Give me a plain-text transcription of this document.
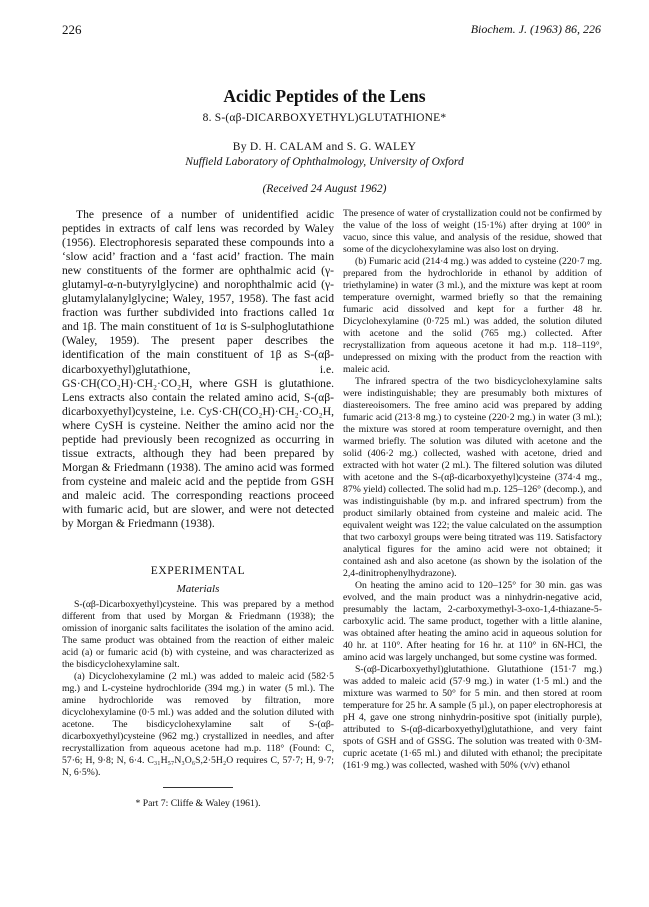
226	Biochem. J. (1963) 86, 226
Acidic Peptides of the Lens
8. S-(αβ-DICARBOXYETHYL)GLUTATHIONE*
By D. H. CALAM and S. G. WALEY
Nuffield Laboratory of Ophthalmology, University of Oxford
(Received 24 August 1962)

The presence of a number of unidentified acidic peptides in extracts of calf lens was recorded by Waley (1956). Electrophoresis separated these compounds into a ‘slow acid’ fraction and a ‘fast acid’ fraction. The main new constituents of the former are ophthalmic acid (γ-glutamyl-α-n-butyrylglycine) and norophthalmic acid (γ-glutamylalanylglycine; Waley, 1957, 1958). The fast acid fraction was further subdivided into fractions called 1α and 1β. The main constituent of 1α is S-sulphoglutathione (Waley, 1959). The present paper describes the identification of the main constituent of 1β as S-(αβ-dicarboxyethyl)glutathione, i.e. GS·CH(CO₂H)·CH₂·CO₂H, where GSH is glutathione. Lens extracts also contain the related amino acid, S-(αβ-dicarboxyethyl)cysteine, i.e. CyS·CH(CO₂H)·CH₂·CO₂H, where CySH is cysteine. Neither the amino acid nor the peptide had previously been recognized as occurring in tissue extracts, although they had been prepared by Morgan & Friedmann (1938). The amino acid was formed from cysteine and maleic acid and the peptide from GSH and maleic acid. The corresponding reactions proceed with fumaric acid, but are slower, and were not detected by Morgan & Friedmann (1938).

EXPERIMENTAL
Materials

S-(αβ-Dicarboxyethyl)cysteine. This was prepared by a method different from that used by Morgan & Friedmann (1938); the omission of inorganic salts facilitates the isolation of the amino acid. The same product was obtained from the reaction of either maleic acid (a) or fumaric acid (b) with cysteine, and was characterized as the bisdicyclohexylamine salt.

(a) Dicyclohexylamine (2 ml.) was added to maleic acid (582·5 mg.) and L-cysteine hydrochloride (394 mg.) in water (5 ml.). The amine hydrochloride was removed by filtration, more dicyclohexylamine (0·5 ml.) was added and the solution diluted with acetone. The bisdicyclohexylamine salt of S-(αβ-dicarboxyethyl)cysteine (962 mg.) crystallized in needles, and after recrystallization from aqueous acetone had m.p. 118° (Found: C, 57·6; H, 9·8; N, 6·4. C₃₁H₅₇N₃O₆S,2·5H₂O requires C, 57·7; H, 9·7; N, 6·5%).

* Part 7: Cliffe & Waley (1961).

The presence of water of crystallization could not be confirmed by the value of the loss of weight (15·1%) after drying at 100° in vacuo, since this value, and analysis of the residue, showed that some of the dicyclohexylamine was also lost on drying.

(b) Fumaric acid (214·4 mg.) was added to cysteine (220·7 mg. prepared from the hydrochloride in ethanol by addition of triethylamine) in water (3 ml.), and the mixture was kept at room temperature overnight, warmed briefly so that the remaining fumaric acid dissolved and kept for a further 48 hr. Dicyclohexylamine (0·725 ml.) was added, the solution diluted with acetone and the solid (765 mg.) collected. After recrystallization from aqueous acetone it had m.p. 118–119°, undepressed on mixing with the product from the reaction with maleic acid.

The infrared spectra of the two bisdicyclohexylamine salts were indistinguishable; they are presumably both mixtures of diastereoisomers. The free amino acid was prepared by adding fumaric acid (213·8 mg.) to cysteine (220·2 mg.) in water (3 ml.); the mixture was stored at room temperature overnight, and then warmed briefly. The solution was diluted with acetone and the solid (406·2 mg.) collected, washed with acetone, dried and extracted with hot water (2 ml.). The filtered solution was diluted with acetone and the S-(αβ-dicarboxyethyl)cysteine (374·4 mg., 87% yield) collected. The solid had m.p. 125–126° (decomp.), and was indistinguishable (by m.p. and infrared spectrum) from the product similarly obtained from cysteine and maleic acid. The equivalent weight was 122; the value calculated on the assumption that two carboxyl groups were being titrated was 119. Satisfactory analytical figures for the amino acid were not obtained; it contained ash and also acetone (as shown by the isolation of the 2,4-dinitrophenylhydrazone).

On heating the amino acid to 120–125° for 30 min. gas was evolved, and the main product was a ninhydrin-negative acid, presumably the lactam, 2-carboxymethyl-3-oxo-1,4-thiazane-5-carboxylic acid. The same product, together with a little alanine, was obtained after heating the amino acid in aqueous solution for 40 hr. at 110°. After heating for 16 hr. at 110° in 6N-HCl, the amino acid was largely unchanged, but some cystine was formed.

S-(αβ-Dicarboxyethyl)glutathione. Glutathione (151·7 mg.) was added to maleic acid (57·9 mg.) in water (1·5 ml.) and the mixture was warmed to 50° for 5 min. and then stored at room temperature for 25 hr. A sample (5 µl.), on paper electrophoresis at pH 4, gave one strong ninhydrin-positive spot (initially purple), attributed to S-(αβ-dicarboxyethyl)glutathione, and very faint spots of GSH and of GSSG. The solution was treated with 0·3M-cupric acetate (1·65 ml.) and diluted with ethanol; the precipitate (161·9 mg.) was collected, washed with 50% (v/v) ethanol
